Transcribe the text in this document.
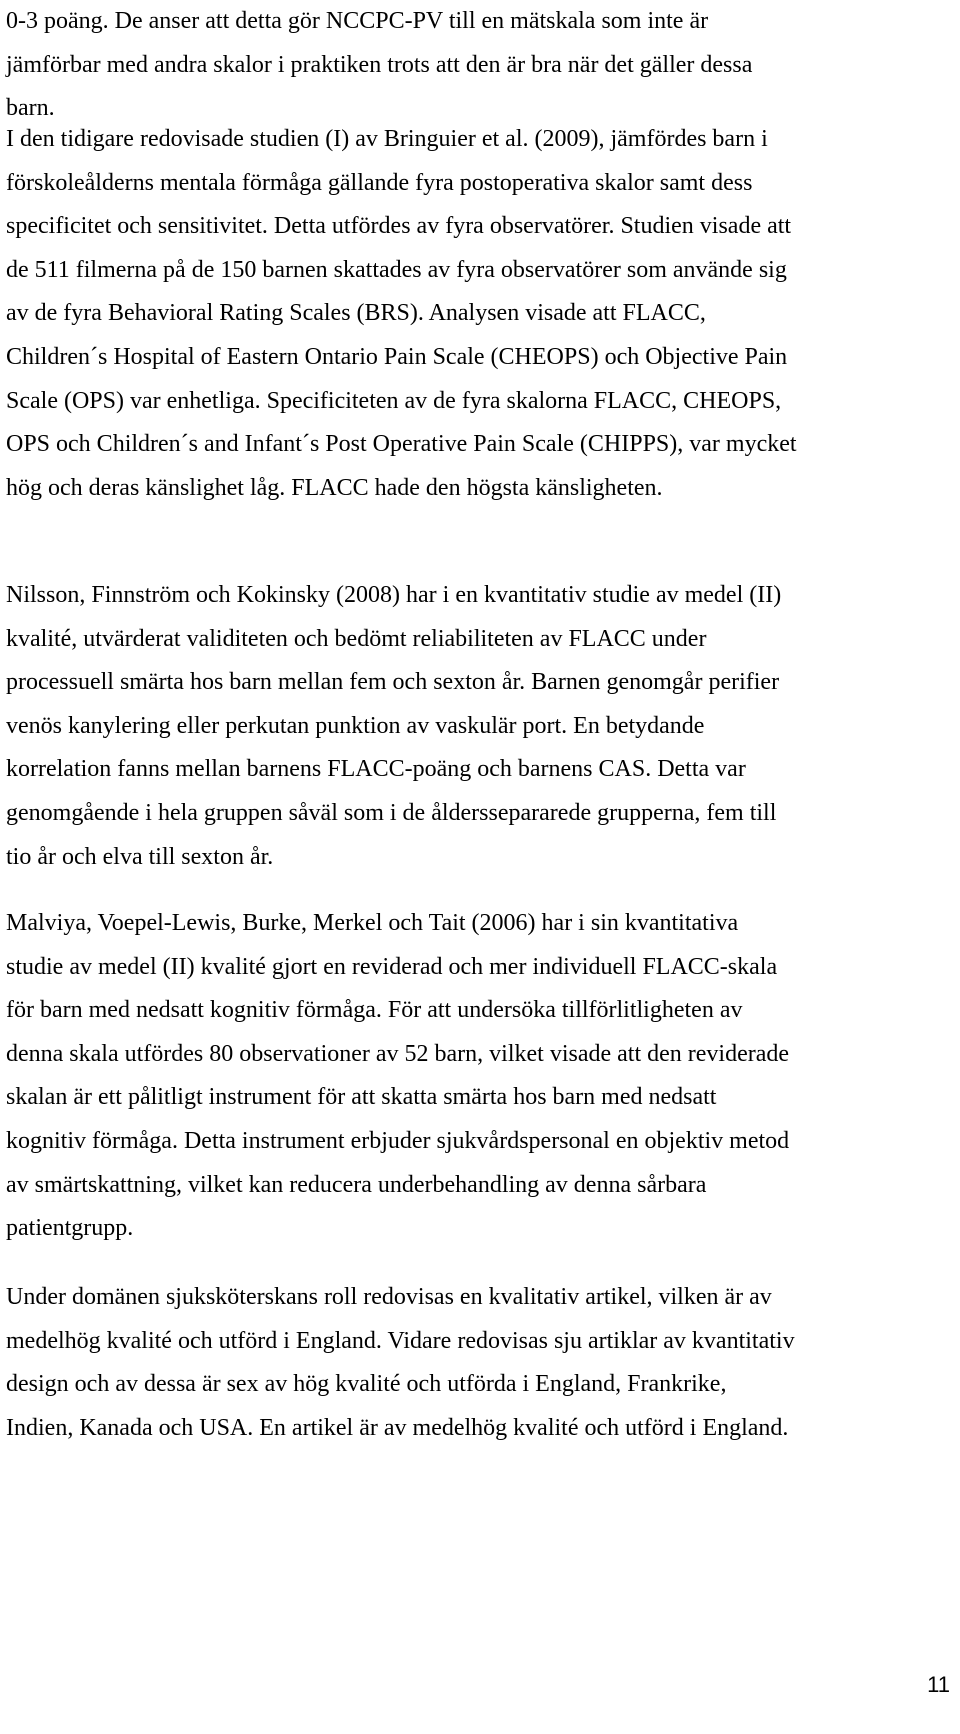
0-3 poäng. De anser att detta gör NCCPC-PV till en mätskala som inte är
jämförbar med andra skalor i praktiken trots att den är bra när det gäller dessa
barn.

I den tidigare redovisade studien (I) av Bringuier et al. (2009), jämfördes barn i
förskoleålderns mentala förmåga gällande fyra postoperativa skalor samt dess
specificitet och sensitivitet. Detta utfördes av fyra observatörer. Studien visade att
de 511 filmerna på de 150 barnen skattades av fyra observatörer som använde sig
av de fyra Behavioral Rating Scales (BRS). Analysen visade att FLACC,
Children´s Hospital of Eastern Ontario Pain Scale (CHEOPS) och Objective Pain
Scale (OPS) var enhetliga. Specificiteten av de fyra skalorna FLACC, CHEOPS,
OPS och Children´s and Infant´s Post Operative Pain Scale (CHIPPS), var mycket
hög och deras känslighet låg. FLACC hade den högsta känsligheten.

Nilsson, Finnström och Kokinsky (2008) har i en kvantitativ studie av medel (II)
kvalité, utvärderat validiteten och bedömt reliabiliteten av FLACC under
processuell smärta hos barn mellan fem och sexton år. Barnen genomgår perifier
venös kanylering eller perkutan punktion av vaskulär port. En betydande
korrelation fanns mellan barnens FLACC-poäng och barnens CAS. Detta var
genomgående i hela gruppen såväl som i de ålderssepararede grupperna, fem till
tio år och elva till sexton år.

Malviya, Voepel-Lewis, Burke, Merkel och Tait (2006) har i sin kvantitativa
studie av medel (II) kvalité gjort en reviderad och mer individuell FLACC-skala
för barn med nedsatt kognitiv förmåga. För att undersöka tillförlitligheten av
denna skala utfördes 80 observationer av 52 barn, vilket visade att den reviderade
skalan är ett pålitligt instrument för att skatta smärta hos barn med nedsatt
kognitiv förmåga. Detta instrument erbjuder sjukvårdspersonal en objektiv metod
av smärtskattning, vilket kan reducera underbehandling av denna sårbara
patientgrupp.

Under domänen sjuksköterskans roll redovisas en kvalitativ artikel, vilken är av
medelhög kvalité och utförd i England. Vidare redovisas sju artiklar av kvantitativ
design och av dessa är sex av hög kvalité och utförda i England, Frankrike,
Indien, Kanada och USA. En artikel är av medelhög kvalité och utförd i England.

11
